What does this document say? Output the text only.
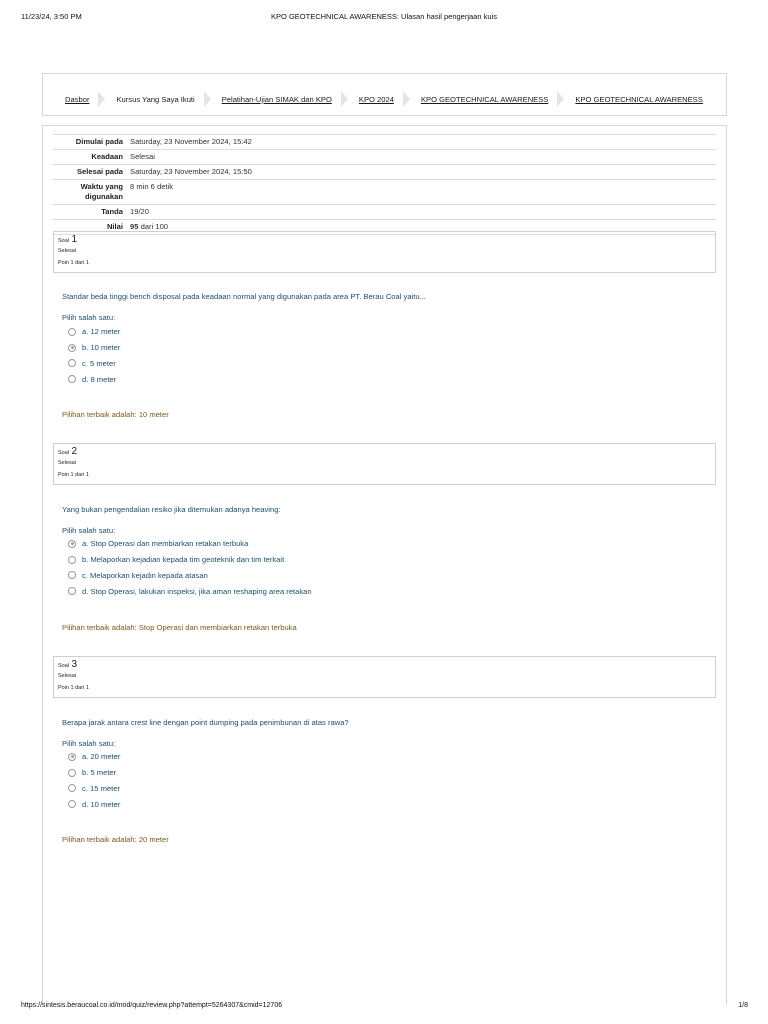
11/23/24, 3:50 PM	KPO GEOTECHNICAL AWARENESS: Ulasan hasil pengerjaan kuis
Dasbor	Kursus Yang Saya Ikuti	Pelatihan-Ujian SIMAK dan KPO	KPO 2024	KPO GEOTECHNICAL AWARENESS	KPO GEOTECHNICAL AWARENESS
Dimulai pada	Saturday, 23 November 2024, 15:42
Keadaan	Selesai
Selesai pada	Saturday, 23 November 2024, 15:50
Waktu yang digunakan	8 min 6 detik
Tanda	19/20
Nilai	95 dari 100
Soal 1
Selesai
Poin 1 dari 1
Standar beda tinggi bench disposal pada keadaan normal yang digunakan pada area PT. Berau Coal yaitu...
Pilih salah satu:
a. 12 meter
b. 10 meter
c. 5 meter
d. 8 meter
Pilihan terbaik adalah: 10 meter
Soal 2
Selesai
Poin 1 dari 1
Yang bukan pengendalian resiko jika ditemukan adanya heaving:
Pilih salah satu:
a. Stop Operasi dan membiarkan retakan terbuka
b. Melaporkan kejadian kepada tim geoteknik dan tim terkait
c. Melaporkan kejadin kepada atasan
d. Stop Operasi, lakukan inspeksi, jika aman reshaping area retakan
Pilihan terbaik adalah: Stop Operasi dan membiarkan retakan terbuka
Soal 3
Selesai
Poin 1 dari 1
Berapa jarak antara crest line dengan point dumping pada penimbunan di atas rawa?
Pilih salah satu:
a. 20 meter
b. 5 meter
c. 15 meter
d. 10 meter
Pilihan terbaik adalah: 20 meter
https://sintesis.beraucoal.co.id/mod/quiz/review.php?attempt=5264307&cmid=12706	1/8
